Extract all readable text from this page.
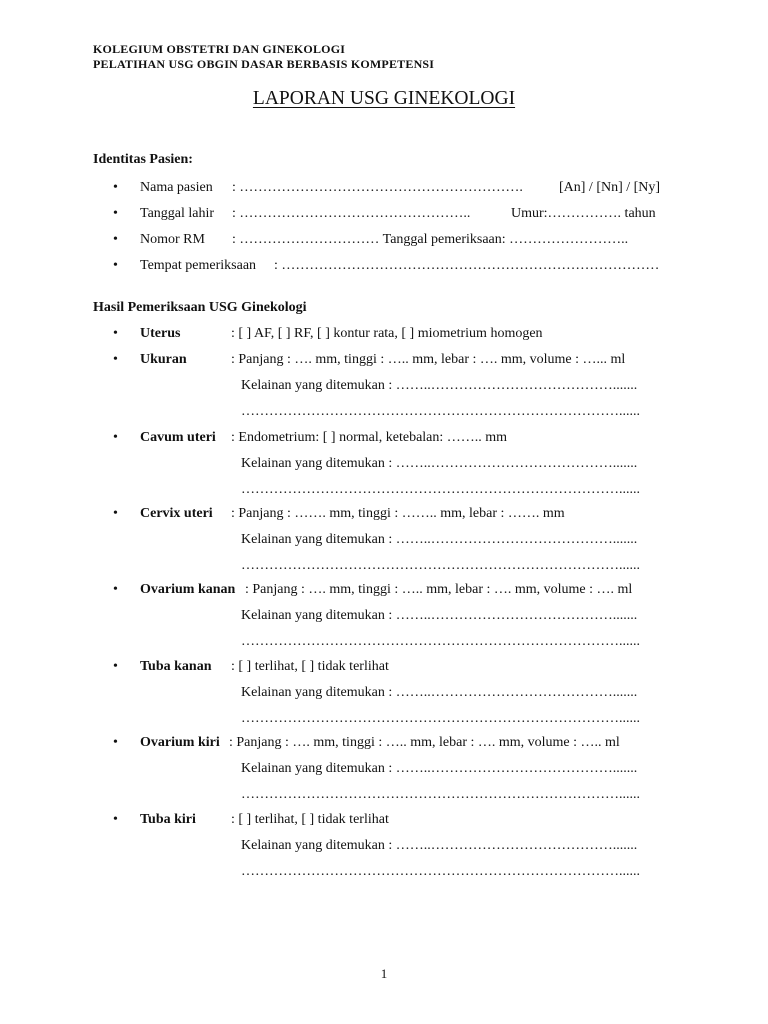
KOLEGIUM OBSTETRI DAN GINEKOLOGI
PELATIHAN USG OBGIN DASAR BERBASIS KOMPETENSI
LAPORAN USG GINEKOLOGI
Identitas Pasien:
• Nama pasien : …………………………………………………….	[An] / [Nn] / [Ny]
• Tanggal lahir : …………………………………………..	Umur:……………. tahun
• Nomor RM : ………………………… Tanggal pemeriksaan: ……………………..
• Tempat pemeriksaan : ………………………………………………………………………
Hasil Pemeriksaan USG Ginekologi
• Uterus	: [ ] AF, [ ] RF, [ ] kontur rata, [ ] miometrium homogen
• Ukuran	: Panjang : …. mm, tinggi : ….. mm, lebar : …. mm, volume : …... ml
Kelainan yang ditemukan : ……..………………………………….......
………………………………………………………………………......
• Cavum uteri : Endometrium: [ ] normal, ketebalan: …….. mm
Kelainan yang ditemukan : ……..………………………………….......
………………………………………………………………………......
• Cervix uteri : Panjang : ……. mm, tinggi : …….. mm, lebar : ……. mm
Kelainan yang ditemukan : ……..………………………………….......
………………………………………………………………………......
• Ovarium kanan : Panjang : …. mm, tinggi : ….. mm, lebar : …. mm, volume : …. ml
Kelainan yang ditemukan : ……..………………………………….......
………………………………………………………………………......
• Tuba kanan : [ ] terlihat, [ ] tidak terlihat
Kelainan yang ditemukan : ……..………………………………….......
………………………………………………………………………......
• Ovarium kiri : Panjang : …. mm, tinggi : ….. mm, lebar : …. mm, volume : ….. ml
Kelainan yang ditemukan : ……..………………………………….......
………………………………………………………………………......
• Tuba kiri	: [ ] terlihat, [ ] tidak terlihat
Kelainan yang ditemukan : ……..………………………………….......
………………………………………………………………………......
1
